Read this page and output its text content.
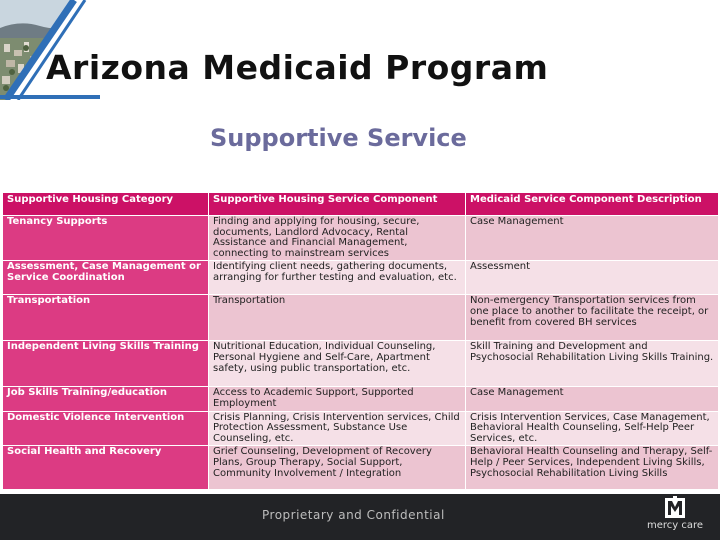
Arizona Medicaid Program
Supportive Service
Supportive Housing Category	Supportive Housing Service Component	Medicaid Service Component Description
Tenancy Supports	Finding and applying for housing, secure, documents, Landlord Advocacy, Rental Assistance and Financial Management, connecting to mainstream services	Case Management
Assessment, Case Management or Service Coordination	Identifying client needs, gathering documents, arranging for further testing and evaluation, etc.	Assessment
Transportation	Transportation	Non-emergency Transportation services from one place to another to facilitate the receipt, or benefit from covered BH services
Independent Living Skills Training	Nutritional Education, Individual Counseling, Personal Hygiene and Self-Care, Apartment safety, using public transportation, etc.	Skill Training and Development and Psychosocial Rehabilitation Living Skills Training.
Job Skills Training/education	Access to Academic Support, Supported Employment	Case Management
Domestic Violence Intervention	Crisis Planning, Crisis Intervention services, Child Protection Assessment, Substance Use Counseling, etc.	Crisis Intervention Services, Case Management, Behavioral Health Counseling, Self-Help Peer Services, etc.
Social Health and Recovery	Grief Counseling, Development of Recovery Plans, Group Therapy, Social Support, Community Involvement / Integration	Behavioral Health Counseling and Therapy, Self-Help / Peer Services, Independent Living Skills, Psychosocial Rehabilitation Living Skills
Proprietary and Confidential
mercy care
